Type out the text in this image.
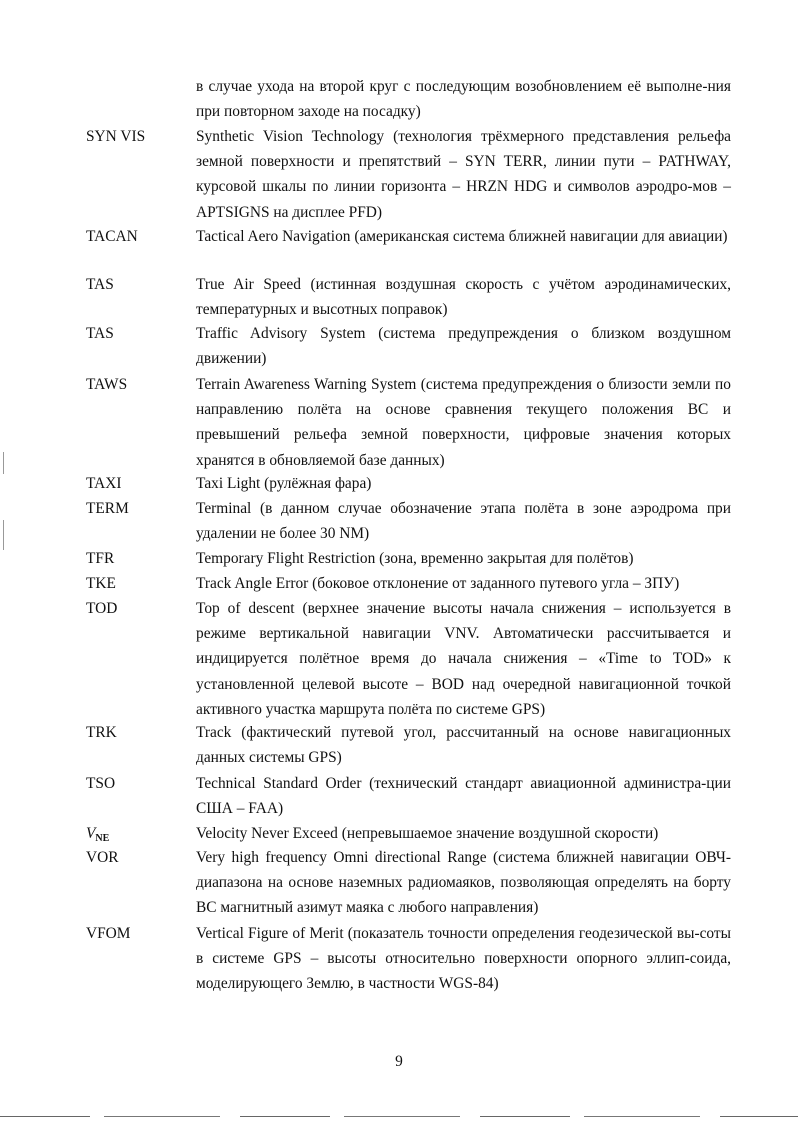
в случае ухода на второй круг с последующим возобновлением её выполне-ния при повторном заходе на посадку)
SYN VIS	Synthetic Vision Technology (технология трёхмерного представления рельефа земной поверхности и препятствий – SYN TERR, линии пути – PATHWAY, курсовой шкалы по линии горизонта – HRZN HDG и символов аэродро-мов – APTSIGNS на дисплее PFD)
TACAN	Tactical Aero Navigation (американская система ближней навигации для авиации)
TAS	True Air Speed (истинная воздушная скорость с учётом аэродинамических, температурных и высотных поправок)
TAS	Traffic Advisory System (система предупреждения о близком воздушном движении)
TAWS	Terrain Awareness Warning System (система предупреждения о близости земли по направлению полёта на основе сравнения текущего положения ВС и превышений рельефа земной поверхности, цифровые значения которых хранятся в обновляемой базе данных)
TAXI	Taxi Light (рулёжная фара)
TERM	Terminal (в данном случае обозначение этапа полёта в зоне аэродрома при удалении не более 30 NM)
TFR	Temporary Flight Restriction (зона, временно закрытая для полётов)
TKE	Track Angle Error (боковое отклонение от заданного путевого угла – ЗПУ)
TOD	Top of descent (верхнее значение высоты начала снижения – используется в режиме вертикальной навигации VNV. Автоматически рассчитывается и индицируется полётное время до начала снижения – «Time to TOD» к установленной целевой высоте – BOD над очередной навигационной точкой активного участка маршрута полёта по системе GPS)
TRK	Track (фактический путевой угол, рассчитанный на основе навигационных данных системы GPS)
TSO	Technical Standard Order (технический стандарт авиационной администра-ции США – FAA)
$V_{NE}$	Velocity Never Exceed (непревышаемое значение воздушной скорости)
VOR	Very high frequency Omni directional Range (система ближней навигации ОВЧ-диапазона на основе наземных радиомаяков, позволяющая определять на борту ВС магнитный азимут маяка с любого направления)
VFOM	Vertical Figure of Merit (показатель точности определения геодезической вы-соты в системе GPS – высоты относительно поверхности опорного эллип-соида, моделирующего Землю, в частности WGS-84)
9
